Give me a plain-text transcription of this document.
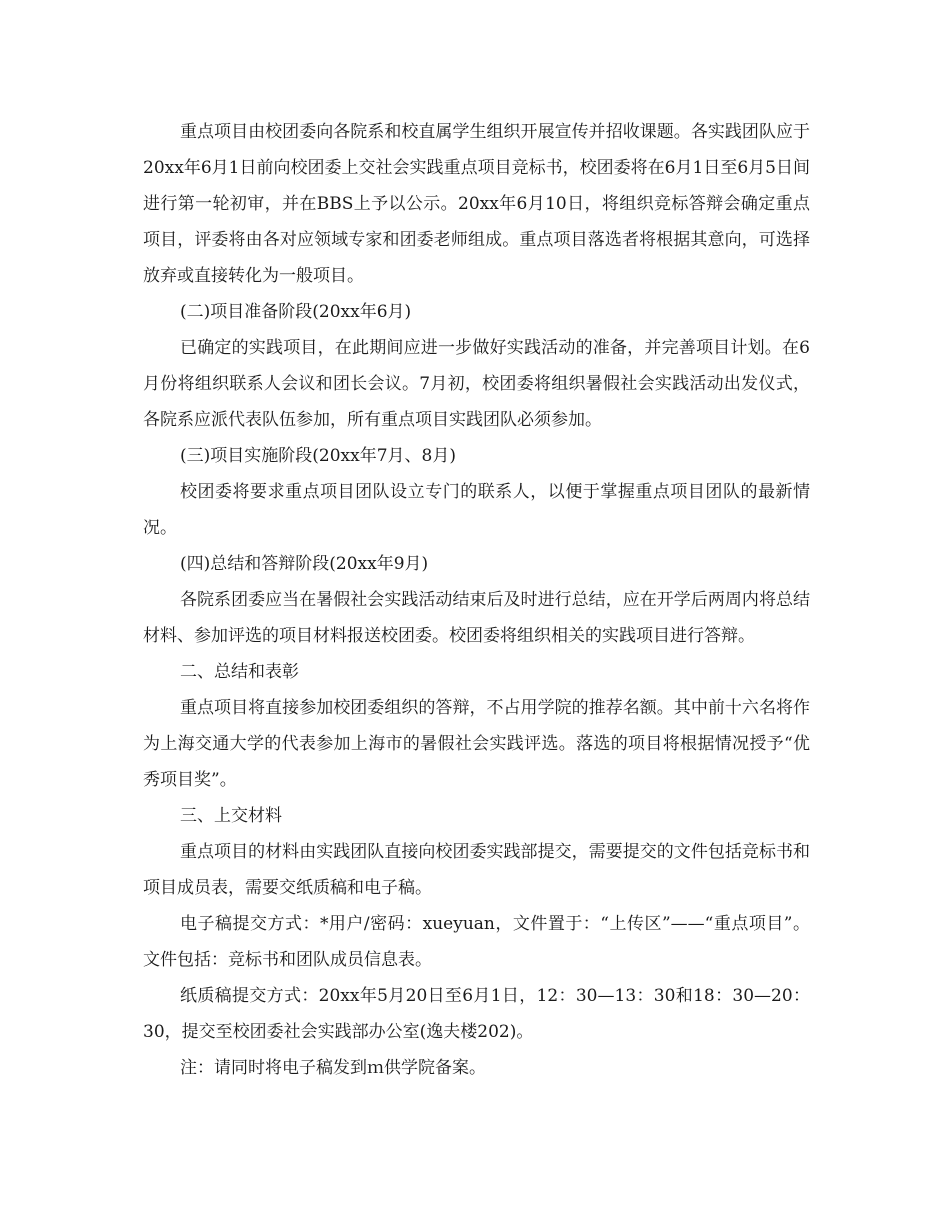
重点项目由校团委向各院系和校直属学生组织开展宣传并招收课题。各实践团队应于20xx年6月1日前向校团委上交社会实践重点项目竞标书，校团委将在6月1日至6月5日间进行第一轮初审，并在BBS上予以公示。20xx年6月10日，将组织竞标答辩会确定重点项目，评委将由各对应领域专家和团委老师组成。重点项目落选者将根据其意向，可选择放弃或直接转化为一般项目。

(二)项目准备阶段(20xx年6月)

已确定的实践项目，在此期间应进一步做好实践活动的准备，并完善项目计划。在6月份将组织联系人会议和团长会议。7月初，校团委将组织暑假社会实践活动出发仪式，各院系应派代表队伍参加，所有重点项目实践团队必须参加。

(三)项目实施阶段(20xx年7月、8月)

校团委将要求重点项目团队设立专门的联系人，以便于掌握重点项目团队的最新情况。

(四)总结和答辩阶段(20xx年9月)

各院系团委应当在暑假社会实践活动结束后及时进行总结，应在开学后两周内将总结材料、参加评选的项目材料报送校团委。校团委将组织相关的实践项目进行答辩。

二、总结和表彰

重点项目将直接参加校团委组织的答辩，不占用学院的推荐名额。其中前十六名将作为上海交通大学的代表参加上海市的暑假社会实践评选。落选的项目将根据情况授予“优秀项目奖”。

三、上交材料

重点项目的材料由实践团队直接向校团委实践部提交，需要提交的文件包括竞标书和项目成员表，需要交纸质稿和电子稿。

电子稿提交方式：*用户/密码：xueyuan，文件置于：“上传区”——“重点项目”。文件包括：竞标书和团队成员信息表。

纸质稿提交方式：20xx年5月20日至6月1日，12：30—13：30和18：30—20：30，提交至校团委社会实践部办公室(逸夫楼202)。

注：请同时将电子稿发到ｍ供学院备案。
